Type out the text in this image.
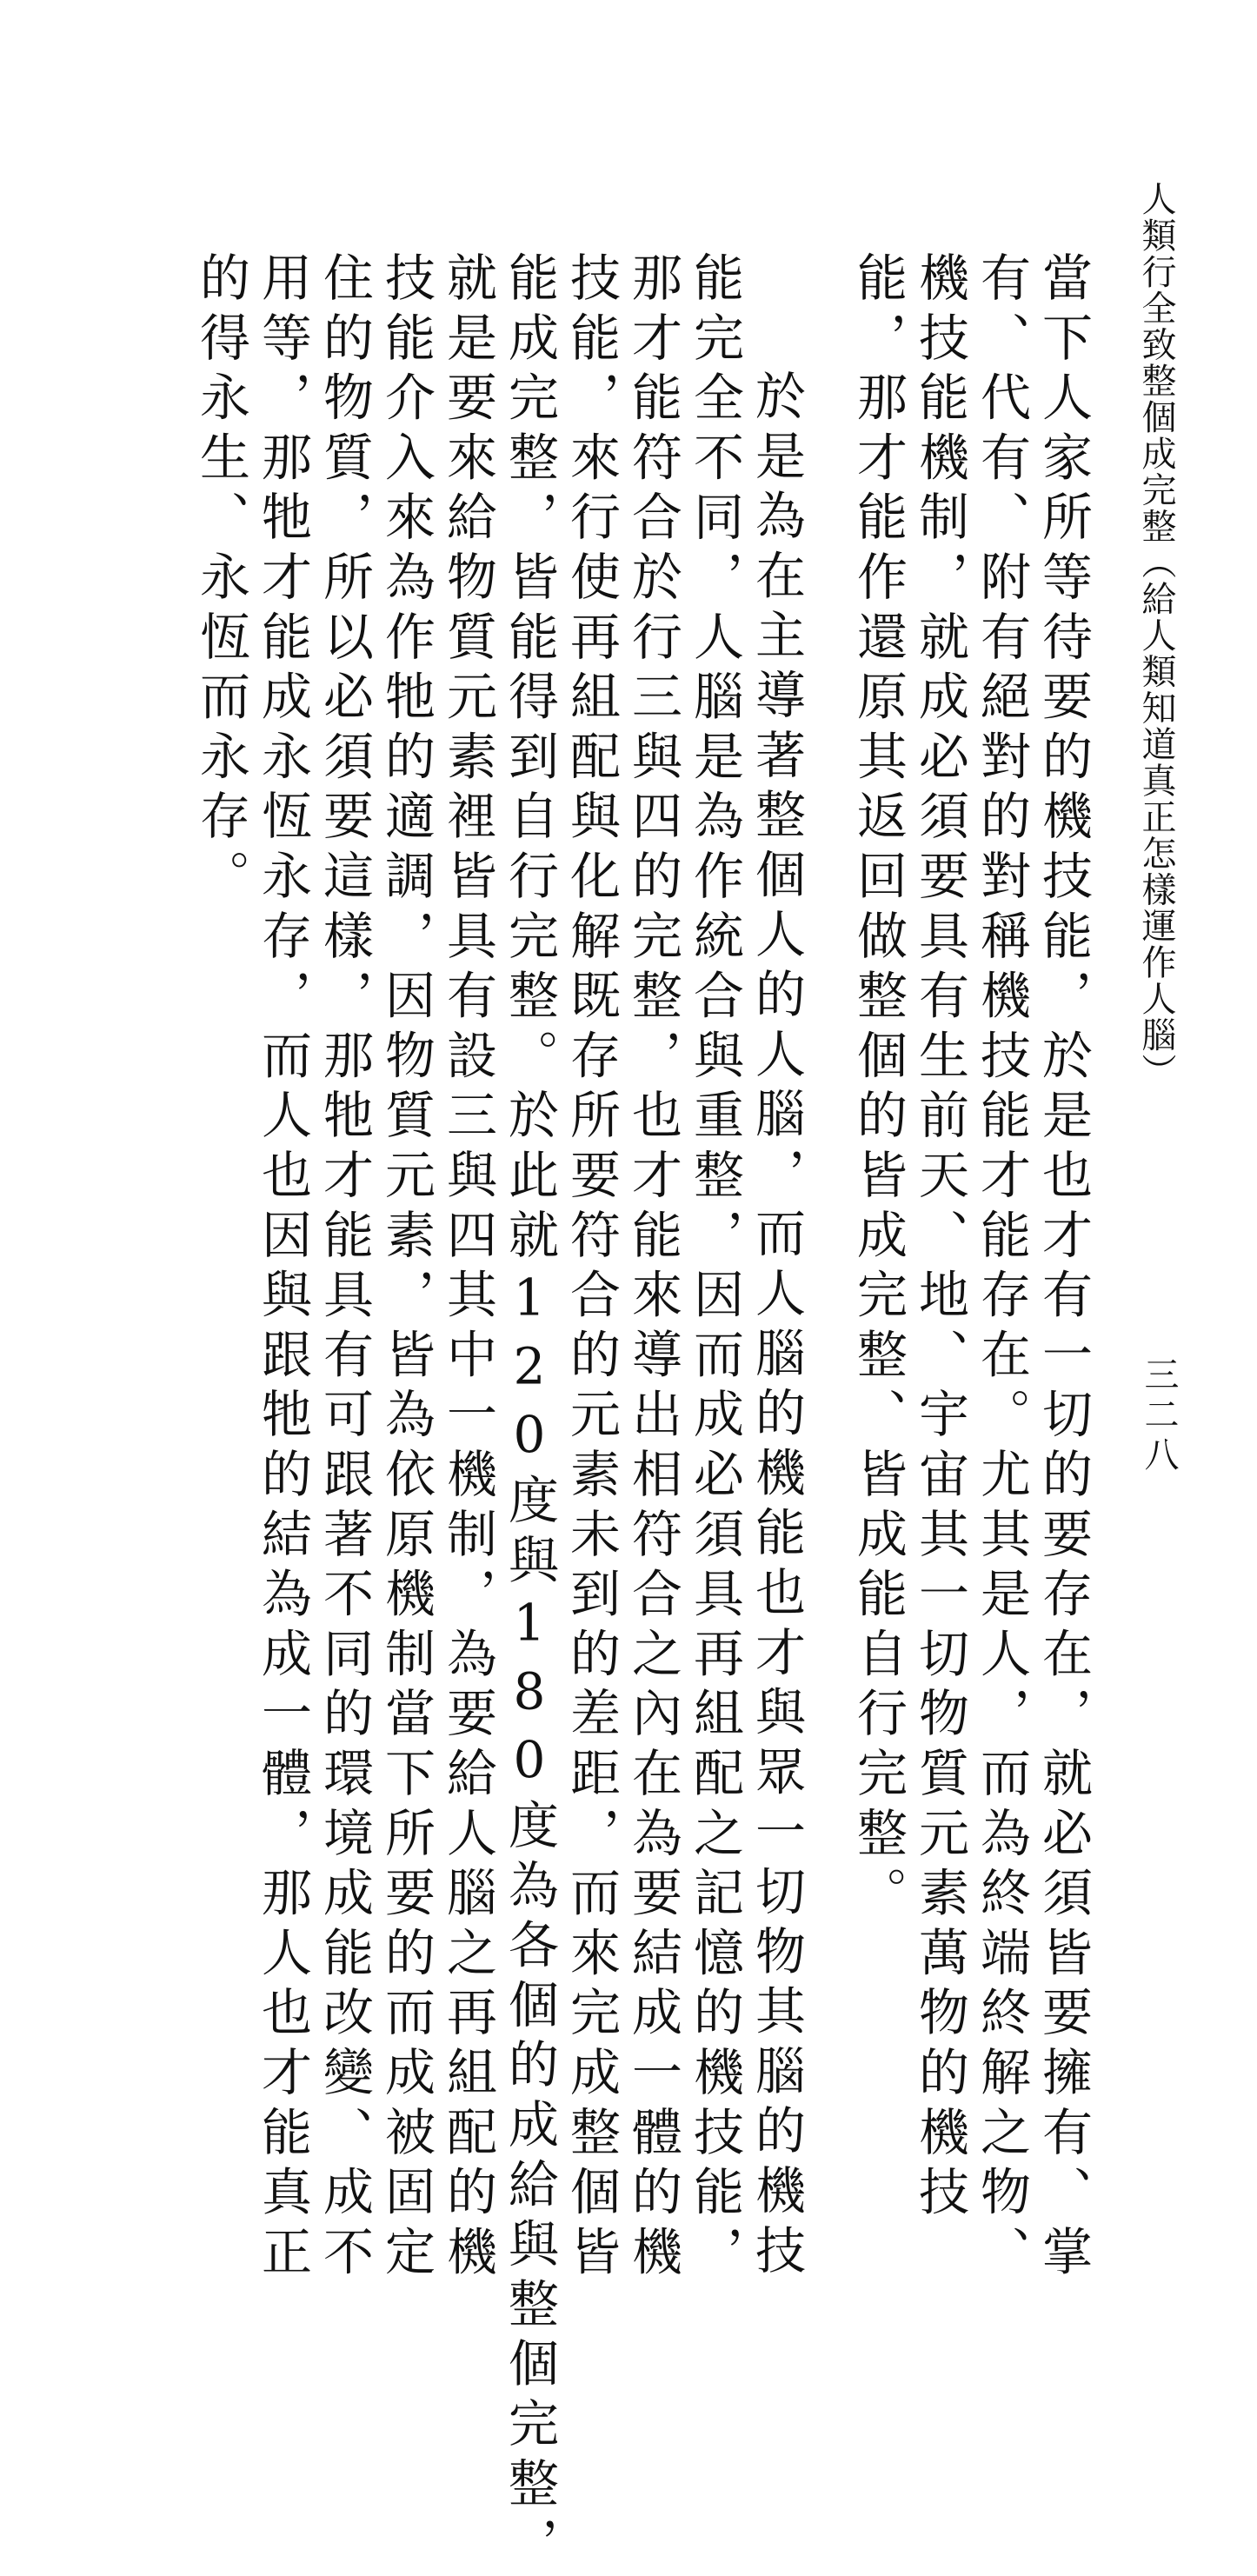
人類行全致整個成完整（給人類知道真正怎樣運作人腦）
三二八

當下人家所等待要的機技能，於是也才有一切的要存在，就必須皆要擁有、掌

有、代有、附有絕對的對稱機技能才能存在。尤其是人，而為終端終解之物、

機技能機制，就成必須要具有生前天、地、宇宙其一切物質元素萬物的機技

能，那才能作還原其返回做整個的皆成完整、皆成能自行完整。

於是為在主導著整個人的人腦，而人腦的機能也才與眾一切物其腦的機技

能完全不同，人腦是為作統合與重整，因而成必須具再組配之記憶的機技能，

那才能符合於行三與四的完整，也才能來導出相符合之內在為要結成一體的機

技能，來行使再組配與化解既存所要符合的元素未到的差距，而來完成整個皆

能成完整，皆能得到自行完整。於此就120度與180度為各個的成給與整個完整，

就是要來給物質元素裡皆具有設三與四其中一機制，為要給人腦之再組配的機

技能介入來為作牠的適調，因物質元素，皆為依原機制當下所要的而成被固定

住的物質，所以必須要這樣，那牠才能具有可跟著不同的環境成能改變、成不

用等，那牠才能成永恆永存，而人也因與跟牠的結為成一體，那人也才能真正

的得永生、永恆而永存。
